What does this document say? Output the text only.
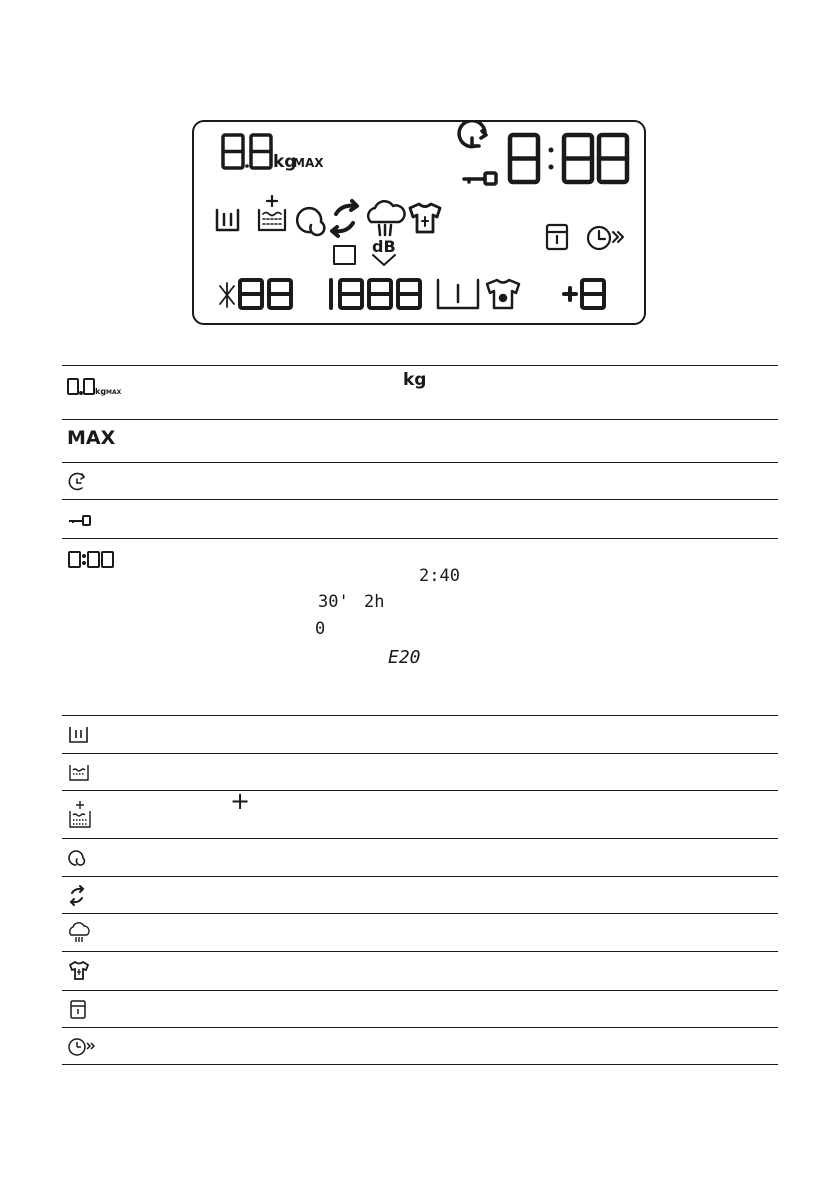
kg
MAX
dB
kg MAX
kg
MAX
2:40
30' 2h
0
E20
+
